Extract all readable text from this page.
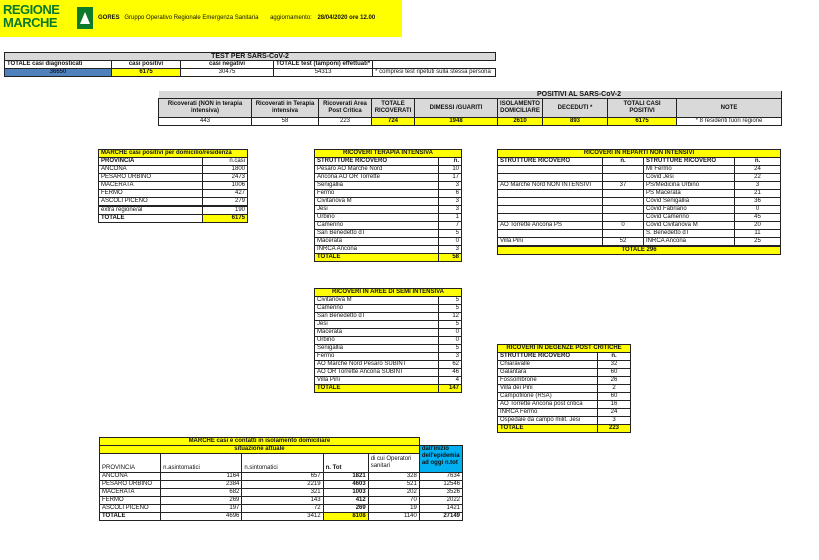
REGIONE
MARCHE	GORES Gruppo Operativo Regionale Emergenza Sanitaria aggiornamento: 28/04/2020 ore 12.00
TEST PER SARS-CoV-2				
TOTALE casi diagnosticati	casi positivi	casi negativi	TOTALE test (tamponi) effettuati*	
36650	6175	30475	54313	* compresi test ripetuti sulla stessa persona
POSITIVI AL SARS-CoV-2								
Ricoverati (NON in terapia intensiva)	Ricoverati in Terapia intensiva	Ricoverati Area Post Critica	TOTALE RICOVERATI	DIMESSI /GUARITI	ISOLAMENTO DOMICILIARE	DECEDUTI *	TOTALI CASI POSITIVI	NOTE
443	58	223	724	1948	2610	893	6175	* 8 residenti fuori regione
MARCHE casi positivi per domicilio/residenza	
PROVINCIA	n.casi
ANCONA	1800
PESARO URBINO	2473
MACERATA	1006
FERMO	427
ASCOLI PICENO	279

extra regione/al	190
TOTALE	6175
RICOVERI TERAPIA INTENSIVA	
STRUTTURE RICOVERO	n.
Pesaro AO Marche Nord	10
Ancona AO OR Torrette	17
Senigallia	3
Fermo	6
Civitanova M	3
Jesi	3
Urbino	1
Camerino	7
San Benedetto dT	5
Macerata	0
INRCA Ancona	3
TOTALE	58
RICOVERI IN REPARTI NON INTENSIVI			
STRUTTURE RICOVERO	n.	STRUTTURE RICOVERO	n.
		MI Fermo	24
		Covid Jesi	22
AO Marche Nord NON INTENSIVI	37	PS/Medicina Urbino	3
		PS Macerata	21
		Covid Senigallia	36
		Covid Fabriano	0
		Covid Camerino	45
AO Torrette Ancona PS	0	Covid Civitanova M	20
		S. Benedetto dT	11
Villa Pini	52	INRCA Ancona	25

TOTALE 296			
RICOVERI IN AREE DI SEMI INTENSIVA	
Civitanova M	5
Camerino	5
San Benedetto dT	12
Jesi	5
Macerata	0
Urbino	0
Senigallia	5
Fermo	3
AO Marche Nord Pesaro SUBINT	62
AO OR Torrette Ancona SUBINT	46
Villa Pini	4
TOTALE	147
RICOVERI IN DEGENZE POST CRITICHE	
STRUTTURE RICOVERO	n.
Chiaravalle	32
Galantara	60
Fossombrone	26
Villa dei Pini	2
Campofilone (RSA)	60
AO Torrette Ancona post critica	16
INRCA Fermo	24
Ospedale da campo milit. Jesi	3
TOTALE	223
MARCHE casi e contatti in isolamento domiciliare					
situazione attuale					dall'inizio dell'epidemia ad oggi n.tot
PROVINCIA	n.asintomatici	n.sintomatici	n. Tot	di cui Operatori sanitari	
ANCONA	1164	657	1821	328	7634
PESARO URBINO	2384	2219	4603	521	12546
MACERATA	682	321	1003	202	3526
FERMO	269	143	412	70	2022
ASCOLI PICENO	197	72	269	19	1421
TOTALE	4696	3412	8108	1140	27149
